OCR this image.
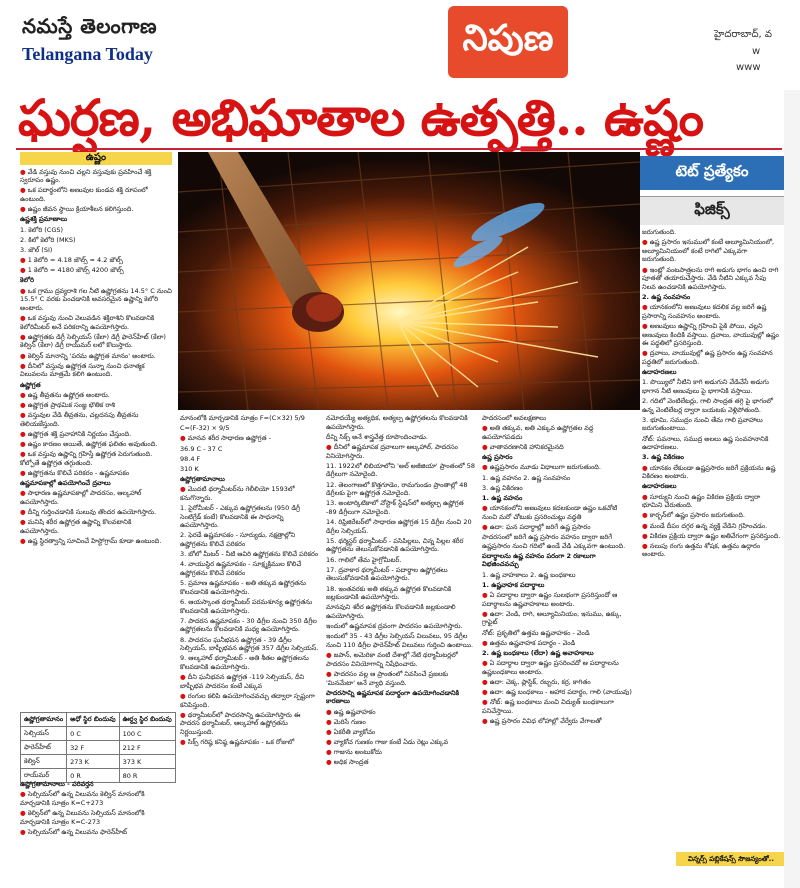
నమస్తే తెలంగాణ
Telangana Today	నిపుణ	హైదరాబాద్, వ
w
www
ఘర్షణ, అభిఘాతాల ఉత్పత్తి.. ఉష్ణం
ఉష్ణం

● వేడి వస్తువు నుంచి చల్లని వస్తువుకు ప్రవహించే శక్తి స్వరూపం ఉష్ణం.

● ఒక పదార్థంలోని అణువుల కుండవ శక్తి రూపంలో ఉంటుంది.

● ఉష్ణం జీవన స్థాయి క్రియాశీలన కలిగిస్తుంది.

ఉష్ణశక్తి ప్రమాణాలు

1. కెలోరి (CGS)

2. కిలో కెలోరి (MKS)

3. జౌల్ (SI)

● 1 కెలోరి = 4.18 జౌల్స్ ≈ 4.2 జౌల్స్

● 1 కెలోరి = 4180 జౌల్స్ 4200 జౌల్స్

కెలోరి

● ఒక గ్రాము ద్రవ్యరాశి గల నీటి ఉష్ణోగ్రతను 14.5° C నుంచి 15.5° C వరకు పెంచడానికి అవసరమైన ఉష్ణాన్ని కెలోరి అంటారు.

● ఒక వస్తువు నుంచి వెలువడిన శక్తిరాశిని కొలవడానికి కెలోరిమీటర్ అనే పరికరాన్ని ఉపయోగిస్తారు.

● ఉష్ణోగ్రతకు డిగ్రీ సెల్సియస్ (కేలా) డిగ్రీ ఫారెన్‌హీట్ (కేలా) కెల్విన్ (కేలా) డిగ్రీ రాయ్‌మర్ లలో కొలుస్తారు.

● కెల్విన్ మానాన్ని 'పరమ ఉష్ణోగ్రత మానం' అంటారు.

● దీనిలో వస్తువు ఉష్ణోగ్రత సున్నా నుంచి ధనాత్మక విలువలను మాత్రమే కలిగి ఉంటుంది.

ఉష్ణోగ్రత

● ఉష్ణ తీవ్రతను ఉష్ణోగ్రత అంటారు.

● ఉష్ణోగ్రత ప్రాథమిక సంజ్ఞ భౌతిక రాశి

● వస్తువుల వేడి తీవ్రతను, చల్లదనపు తీవ్రతను తెలియజేస్తుంది.

● ఉష్ణోగ్రత శక్తి ప్రవాహానికి నిర్ణయం చేస్తుంది.

● ఉష్ణం కారణం అయితే, ఉష్ణోగ్రత ఫలితం అవుతుంది.

● ఒక వస్తువు ఉష్ణాన్ని గ్రహిస్తే ఉష్ణోగ్రత పెరుగుతుంది. కోల్పోతే ఉష్ణోగ్రత తగ్గుతుంది.

● ఉష్ణోగ్రతను కొలిచే పరికరం - ఉష్ణమాపకం

ఉష్ణమాపకాల్లో ఉపయోగించే ద్రవాలు

● సాధారణ ఉష్ణమాపకాల్లో పాదరసం, ఆల్కహాల్ ఉపయోగిస్తారు.

● దీన్ని గుర్తించడానికి సులువు తొందర ఉపయోగిస్తారు.

● మనిషి శరీర ఉష్ణోగ్రత ఉష్ణాన్ని కొలవటానికి ఉపయోగిస్తారు.

● ఉష్ణ స్థిరత్వాన్ని సూచించే హిస్టోగ్రామ్ కూడా ఉంటుంది.

ఉష్ణోగ్రతామానం	అధో స్థిర బిందువు	ఊర్ధ్వ స్థిర బిందువు
సెల్సియస్	0 C	100 C
ఫారెన్‌హీట్	32 F	212 F
కెల్విన్	273 K	373 K
రాయ్‌మర్	0 R	80 R

ఉష్ణోగ్రతామానాలు - పరివర్తన

● సెల్సియస్‌లో ఉన్న విలువను కెల్విన్ మానంలోకి మార్చడానికి సూత్రం K=C+273

● కెల్విన్‌లో ఉన్న విలువను సెల్సియస్ మానంలోకి మార్చడానికి సూత్రం K=C-273

● సెల్సియస్‌లో ఉన్న విలువను ఫారెన్‌హీట్

మానంలోకి మార్చడానికి సూత్రం F=(C×32) 5/9

C=(F-32) × 9/5

● మానవ శరీర సాధారణ ఉష్ణోగ్రత -

36.9 C - 37 C

98.4 F

310 K

ఉష్ణోగ్రతామానాలు

● మొదటి థర్మామీటర్‌ను గెలీలియో 1593లో కనుగొన్నారు.

1. పైరోమీటర్ - ఎక్కువ ఉష్ణోగ్రతలను (950 డిగ్రీ సెంటిగ్రేడ్ కంటే) కొలవడానికి ఈ సాధనాన్ని ఉపయోగిస్తారు.

2. ఫెరడే ఉష్ణమాపకం - సూర్యుడు, నక్షత్రాల్లోని ఉష్ణోగ్రతను కొలిచే పరికరం

3. బోలో మీటర్ - నీటి ఆవిరి ఉష్ణోగ్రతను కొలిచే పరికరం

4. వాయుస్థిర ఉష్ణమాపకం - సూక్ష్మక్రిముల కొలిచే ఉష్ణోగ్రతను కొలిచే పరికరం

5. ప్రమాణ ఉష్ణమాపకం - అతి తక్కువ ఉష్ణోగ్రతను కొలవడానికి ఉపయోగిస్తారు.

6. ఆయస్కాంత థర్మామీటర్ పరమశూన్య ఉష్ణోగ్రతను కొలవడానికి ఉపయోగిస్తారు.

7. పాదరస ఉష్ణమాపకం - 30 డిగ్రీల నుంచి 350 డిగ్రీల ఉష్ణోగ్రతలను కొలవడానికి మధ్య ఉపయోగిస్తారు.

8. పాదరసం ఘనీభవన ఉష్ణోగ్రత - 39 డిగ్రీల సెల్సియస్, బాష్పీభవన ఉష్ణోగ్రత 357 డిగ్రీల సెల్సియస్.

9. ఆల్కహాల్ థర్మామీటర్ - అతి శీతల ఉష్ణోగ్రతలను కొలవడానికి ఉపయోగిస్తారు.

● దీని ఘనీభవన ఉష్ణోగ్రత -119 సెల్సియస్, దీని బాష్పీభవ పాదరసం కంటే ఎక్కువ

● రంగుల కలిపి ఉపయోగించవచ్చు తద్వారా స్పష్టంగా కనిపిస్తుంది.

● థర్మామీటర్‌లో పాదరసాన్ని ఉపయోగిస్తారు ఈ పాదరస థర్మామీటర్, ఆల్కహాల్ ఉష్ణోగ్రతను నిర్ణయిస్తుంది.

● సిక్స్ గరిష్ఠ కనిష్ఠ ఉష్ణమాపకం - ఒక రోజులో

నమోదయ్యే అత్యధిక, అత్యల్ప ఉష్ణోగ్రతలను కొలవడానికి ఉపయోగిస్తారు.

దీన్ని సిక్స్ అనే శాస్త్రవేత్త రూపొందించాడు.

● దీనిలో ఉష్ణమాపక ద్రవాలుగా ఆల్కహాల్, పాదరసం వినియోగిస్తారు.

11. 1922లో లిబియాలోని 'అల్ అజీజియా' ప్రాంతంలో 58 డిగ్రీలుగా నమోదైంది.

12. తెలంగాణలో కొత్తగూడెం, రామగుండం ప్రాంతాల్లో 48 డిగ్రీలకు పైగా ఉష్ణోగ్రత నమోదైంది.

13. అంటార్కిటికాలో వోస్టాక్ స్టేషన్‌లో అత్యల్ప ఉష్ణోగ్రత -89 డిగ్రీలుగా నమోదైంది.

14. రిఫ్రిజిరేటర్‌లో సాధారణ ఉష్ణోగ్రత 15 డిగ్రీల నుంచి 20 డిగ్రీల సెల్సియస్.

15. థర్మిస్టర్ థర్మామీటర్ - పసిపిల్లలు, చిన్న పిల్లల శరీర ఉష్ణోగ్రతను తెలుసుకోవడానికి ఉపయోగిస్తారు.

16. గాలిలో తేమ హైగ్రోమీటర్.

17. ద్రవాకార థర్మామీటర్ - పదార్థాల ఉష్ణోగ్రతలు తెలుసుకోవడానికి ఉపయోగిస్తారు.

18. ఇంతవరకు అతి తక్కువ ఉష్ణోగ్రత కొలవడానికి జల్లకుండానికి ఉపయోగిస్తారు.

మానవుని శరీర ఉష్ణోగ్రతను కొలవడానికి జల్లకుండాలి ఉపయోగిస్తారు.

ఇందులో ఉష్ణమాపక ద్రవంగా పాదరసం ఉపయోగిస్తారు.

ఇందులో 35 - 43 డిగ్రీల సెల్సియస్ విలువలు, 95 డిగ్రీల నుంచి 110 డిగ్రీల ఫారెన్‌హీట్ విలువలు గుర్తించి ఉంటాయి.

● జపాన్, అమెరికా వంటి దేశాల్లో నేటి థర్మామీటర్లలో పాదరసం వినియోగాన్ని నిషేధించారు.

● పాదరసం వల్ల ఆ ప్రాంతంలో నివసించే ప్రజలకు 'మినమేటా' అనే వ్యాధి వస్తుంది.

పాదరసాన్ని ఉష్ణమాపక పదార్థంగా ఉపయోగించడానికి కారణాలు

● ఉష్ణ ఉష్ణవాహకం

● మెరిసే గుణం

● ఏకరీతి వ్యాకోచం

● వ్యాకోచ గుణకం గాజు కంటే ఏడు రెట్లు ఎక్కువ

● గాజును అంటుకోదు

● అధిక సాంద్రత

పాదరసంలో అవలక్షణాలు

● అతి తక్కువ, అతి ఎక్కువ ఉష్ణోగ్రతల వద్ద ఉపయోగపడదు

● వాతావరణానికి హానికరమైనది

ఉష్ణ ప్రసారం

● ఉష్ణప్రసారం మూడు విధాలుగా జరుగుతుంది.

1. ఉష్ణ వహనం 2. ఉష్ణ సంవహనం

3. ఉష్ణ వికిరణం

1. ఉష్ణ వహనం

● యానకంలోని అణువులు కదలకుండా ఉష్ణం ఒకచోటి నుంచి మరో చోటుకు ప్రసరించుట్లు వద్ధతి

● ఉదా: ఘన పదార్థాల్లో జరిగే ఉష్ణ ప్రసారం

పాదరసంలో జరిగే ఉష్ణ ప్రసారం వహనం ద్వారా జరిగే ఉష్ణప్రసారం నుంచి గదిలో ఉండే వేడి ఎక్కువగా ఉంటుంది.

పదార్థాలను ఉష్ణ వహనం పరంగా 2 రకాలుగా విభజించవచ్చు

1. ఉష్ణ వాహకాలు 2. ఉష్ణ బంధకాలు

1. ఉష్ణవాహక పదార్థాలు

● ఏ పదార్థాల ద్వారా ఉష్ణం సులభంగా ప్రసరిస్తుందో ఆ పదార్థాలను ఉష్ణవాహకాలు అంటారు.

● ఉదా: వెండి, రాగి, అల్యూమినియం, ఇనుము, ఉక్కు, గ్రాఫైట్

నోట్: ప్రకృతిలో ఉత్తమ ఉష్ణవాహకం - వెండి

● ఉత్తమ ఉష్ణవాహక పదార్థం - వెండి

2. ఉష్ణ బంధకాలు (లేదా) ఉష్ణ అవాహకాలు

● ఏ పదార్థాల ద్వారా ఉష్ణం ప్రసరించదో ఆ పదార్థాలను ఉష్ణబంధకాలు అంటారు.

● ఉదా: చెక్క, ప్లాస్టిక్, రబ్బరు, కర్ర, కాగితం

● ఉదా: ఉష్ణ బంధకాలు - ఆహార పదార్థం, గాలి (వాయువు)

● నోట్: ఉష్ణ బంధకాలు మంచి విద్యుత్ బంధకాలుగా పనిచేస్తాయి.

● ఉష్ణ ప్రసారం వివిధ లోహాల్లో వేర్వేరు వేగాలతో

టెట్ ప్రత్యేకం
ఫిజిక్స్

జరుగుతుంది.

● ఉష్ణ ప్రసారం ఇనుములో కంటే అల్యూమినియంలో, అల్యూమినియంలో కంటే రాగిలో ఎక్కువగా జరుగుతుంది.

● ఇంట్లో వంటపాత్రలను రాగి అడుగు భాగం ఉంచి రాగి పూతతో తయారుచేస్తారు. వేడి నీటిని ఎక్కువ సేపు నిలవ ఉంచడానికి ఉపయోగిస్తారు.

2. ఉష్ణ సంవహనం

● యానకంలోని అణువులు కదలిక వల్ల జరిగే ఉష్ణ ప్రసారాన్ని సంవహనం అంటారు.

● అణువులు ఉష్ణాన్ని గ్రహించి పైకి పోయి, చల్లని అణువులు కిందికి వస్తాయి. ద్రవాలు, వాయువుల్లో ఉష్ణం ఈ పద్ధతిలో ప్రసరిస్తుంది.

● ద్రవాలు, వాయువుల్లో ఉష్ణ ప్రసారం ఉష్ణ సంవహన పద్ధతిలో జరుగుతుంది.

ఉదాహరణలు

1. పొయ్యిలో నీటిని కాగి అడుగుని వేడిచేసే అడుగు భాగాన నీటి అణువులు పై భాగానికి వస్తాయి.

2. గదిలో వెంటిలేటర్లు, గాలి సాంద్రత తగ్గి పై భాగంలో ఉన్న వెంటిలేటర్ల ద్వారా బయటకు వెళ్లిపోతుంది.

3. భూమి, సముద్రం నుంచి తేమ గాలి ప్రవాహాలు జరుగుతుంటాయి.

నోట్: పవనాలు, సముద్ర అలలు ఉష్ణ సంవహనానికి ఉదాహరణలు.

3. ఉష్ణ వికిరణం

● యానకం లేకుండా ఉష్ణప్రసారం జరిగే ప్రక్రియను ఉష్ణ వికిరణం అంటారు.

ఉదాహరణలు

● సూర్యుని నుంచి ఉష్ణం వికిరణ ప్రక్రియ ద్వారా భూమిని చేరుతుంది.

● కార్బన్‌లో ఉష్ణం ప్రసారం జరుగుతుంది.

● మండే దీపం దగ్గర ఉన్న వ్యక్తి వేడిని గ్రహించడం.

● వికిరణ ప్రక్రియ ద్వారా ఉష్ణం అతివేగంగా ప్రసరిస్తుంది.

● నలుపు రంగు ఉత్తమ శోషక, ఉత్తమ ఉద్గారం అంటారు.

విన్నర్స్ పబ్లికేషన్స్ సౌజన్యంతో..
